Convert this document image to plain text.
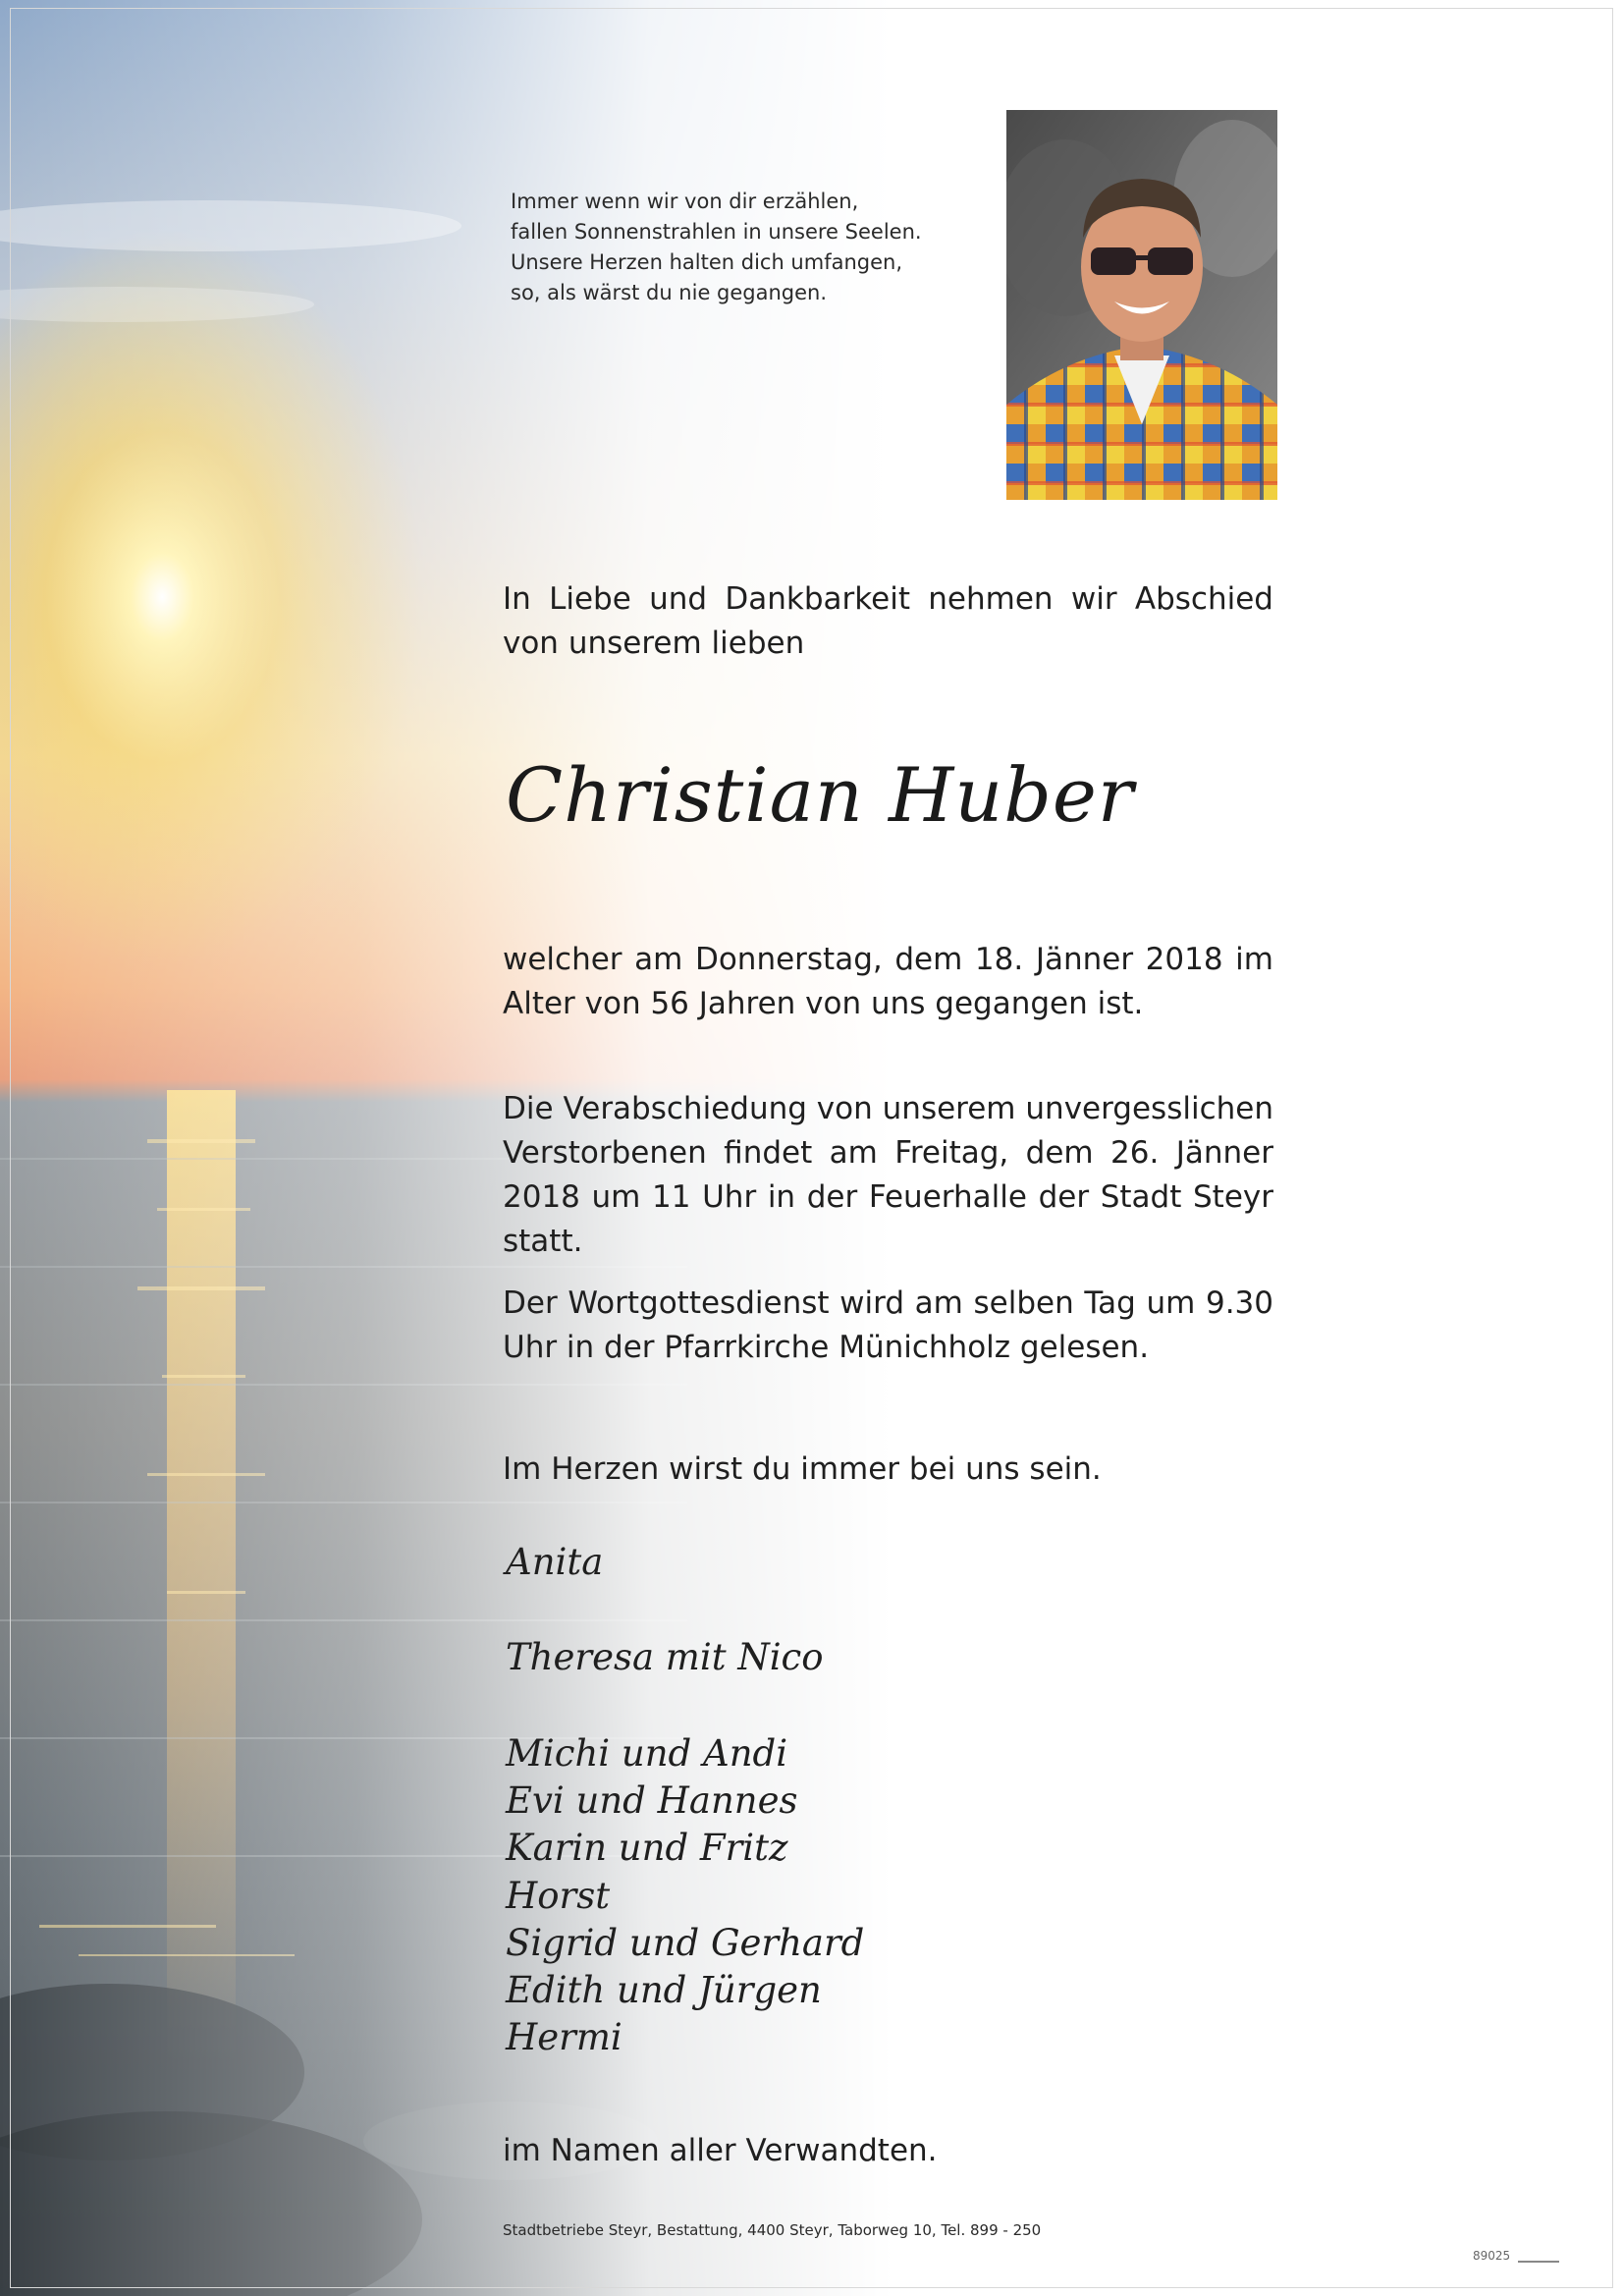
Immer wenn wir von dir erzählen,
fallen Sonnenstrahlen in unsere Seelen.
Unsere Herzen halten dich umfangen,
so, als wärst du nie gegangen.
In Liebe und Dankbarkeit nehmen wir Abschied von unserem lieben
Christian Huber
welcher am Donnerstag, dem 18. Jänner 2018 im Alter von 56 Jahren von uns gegangen ist.
Die Verabschiedung von unserem unvergesslichen Verstorbenen findet am Freitag, dem 26. Jänner 2018 um 11 Uhr in der Feuerhalle der Stadt Steyr statt.
Der Wortgottesdienst wird am selben Tag um 9.30 Uhr in der Pfarrkirche Münichholz gelesen.
Im Herzen wirst du immer bei uns sein.
Anita
Theresa mit Nico
Michi und Andi
Evi und Hannes
Karin und Fritz
Horst
Sigrid und Gerhard
Edith und Jürgen
Hermi
im Namen aller Verwandten.
Stadtbetriebe Steyr, Bestattung, 4400 Steyr, Taborweg 10, Tel. 899 - 250
89025
